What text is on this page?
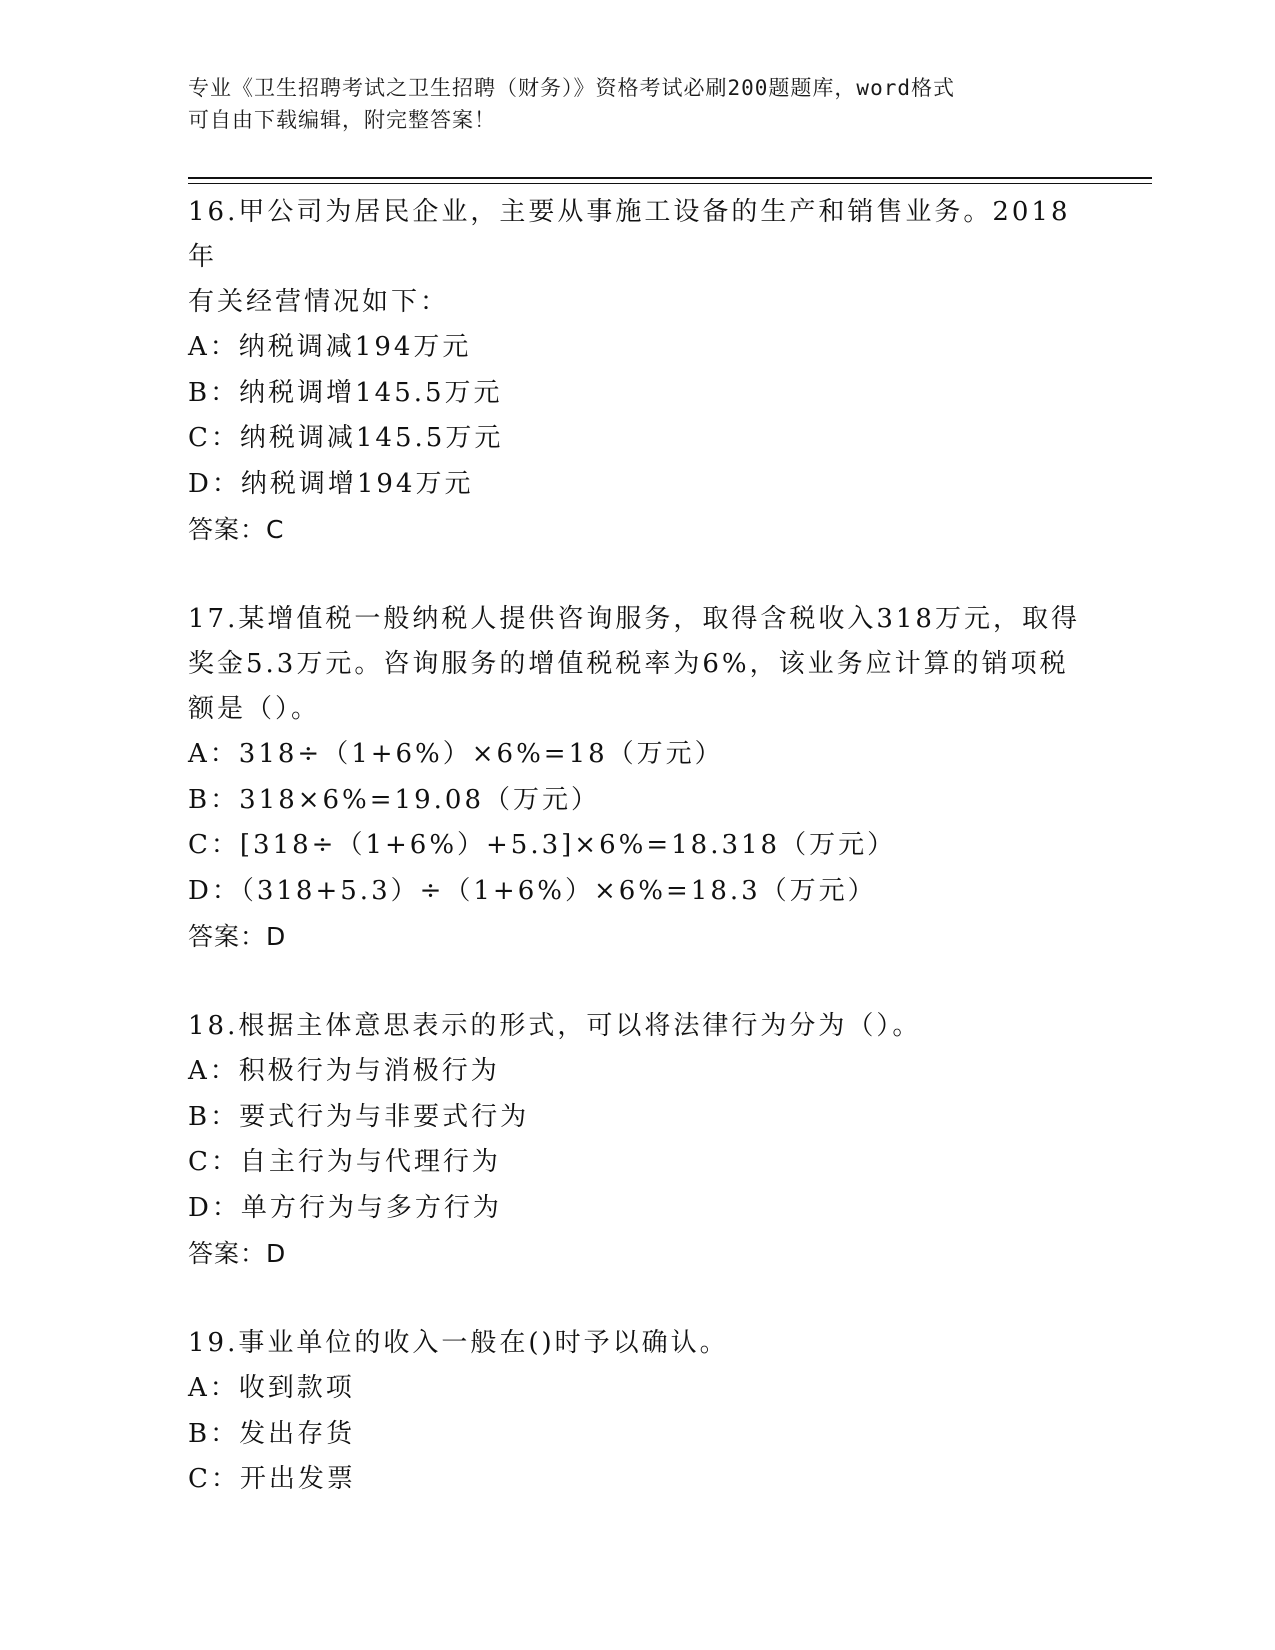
专业《卫生招聘考试之卫生招聘（财务）》资格考试必刷200题题库，word格式
可自由下载编辑，附完整答案！
16.甲公司为居民企业，主要从事施工设备的生产和销售业务。2018年
有关经营情况如下：
A：纳税调减194万元
B：纳税调增145.5万元
C：纳税调减145.5万元
D：纳税调增194万元
答案：C
17.某增值税一般纳税人提供咨询服务，取得含税收入318万元，取得
奖金5.3万元。咨询服务的增值税税率为6%，该业务应计算的销项税
额是（）。
A：318÷（1+6%）×6%=18（万元）
B：318×6%=19.08（万元）
C：[318÷（1+6%）+5.3]×6%=18.318（万元）
D：（318+5.3）÷（1+6%）×6%=18.3（万元）
答案：D
18.根据主体意思表示的形式，可以将法律行为分为（）。
A：积极行为与消极行为
B：要式行为与非要式行为
C：自主行为与代理行为
D：单方行为与多方行为
答案：D
19.事业单位的收入一般在()时予以确认。
A：收到款项
B：发出存货
C：开出发票
